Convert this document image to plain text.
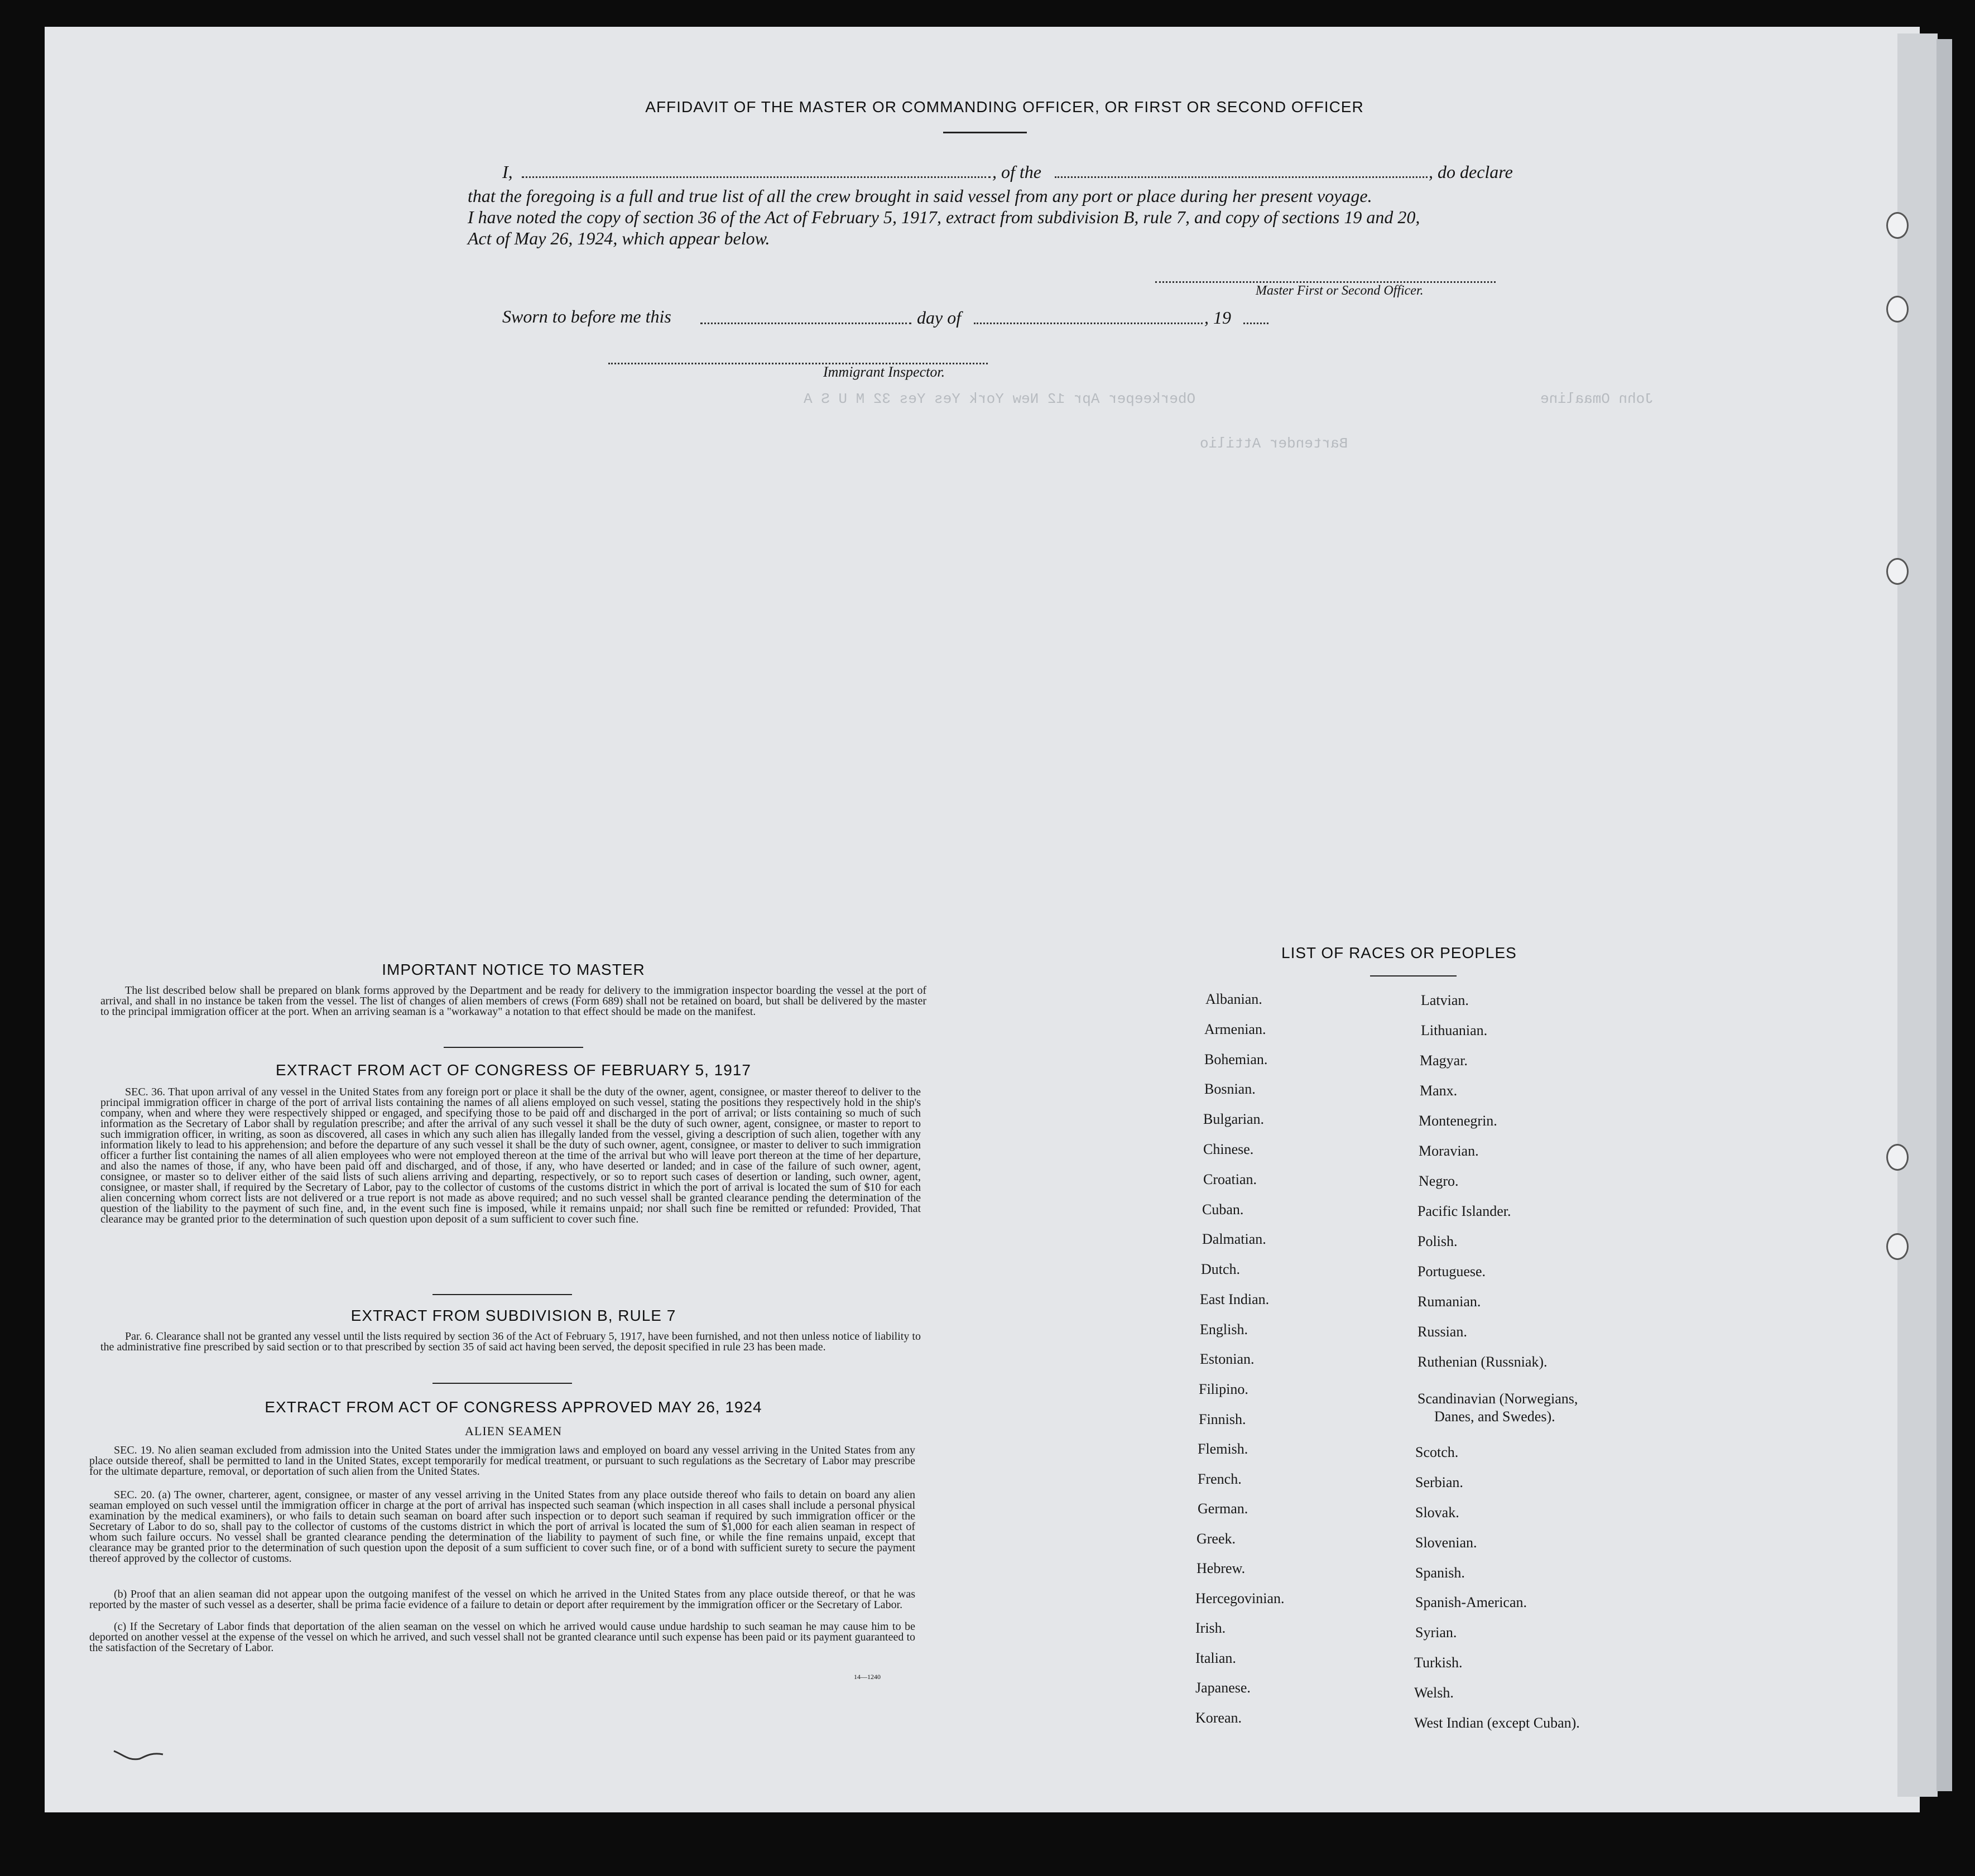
Oberkeeper Apr 12 New York Yes Yes 32 M U S A
Bartender Attilio
John Omaaline
AFFIDAVIT OF THE MASTER OR COMMANDING OFFICER, OR FIRST OR SECOND OFFICER
I,	, of the	, do declare
that the foregoing is a full and true list of all the crew brought in said vessel from any port or place during her present voyage.
I have noted the copy of section 36 of the Act of February 5, 1917, extract from subdivision B, rule 7, and copy of sections 19 and 20,
Act of May 26, 1924, which appear below.
Master First or Second Officer.
Sworn to before me this	day of	, 19
Immigrant Inspector.
IMPORTANT NOTICE TO MASTER
The list described below shall be prepared on blank forms approved by the Department and be ready for delivery to the immigration inspector boarding the vessel at the port of arrival, and shall in no instance be taken from the vessel. The list of changes of alien members of crews (Form 689) shall not be retained on board, but shall be delivered by the master to the principal immigration officer at the port. When an arriving seaman is a "workaway" a notation to that effect should be made on the manifest.
EXTRACT FROM ACT OF CONGRESS OF FEBRUARY 5, 1917
SEC. 36. That upon arrival of any vessel in the United States from any foreign port or place it shall be the duty of the owner, agent, consignee, or master thereof to deliver to the principal immigration officer in charge of the port of arrival lists containing the names of all aliens employed on such vessel, stating the positions they respectively hold in the ship's company, when and where they were respectively shipped or engaged, and specifying those to be paid off and discharged in the port of arrival; or lists containing so much of such information as the Secretary of Labor shall by regulation prescribe; and after the arrival of any such vessel it shall be the duty of such owner, agent, consignee, or master to report to such immigration officer, in writing, as soon as discovered, all cases in which any such alien has illegally landed from the vessel, giving a description of such alien, together with any information likely to lead to his apprehension; and before the departure of any such vessel it shall be the duty of such owner, agent, consignee, or master to deliver to such immigration officer a further list containing the names of all alien employees who were not employed thereon at the time of the arrival but who will leave port thereon at the time of her departure, and also the names of those, if any, who have been paid off and discharged, and of those, if any, who have deserted or landed; and in case of the failure of such owner, agent, consignee, or master so to deliver either of the said lists of such aliens arriving and departing, respectively, or so to report such cases of desertion or landing, such owner, agent, consignee, or master shall, if required by the Secretary of Labor, pay to the collector of customs of the customs district in which the port of arrival is located the sum of $10 for each alien concerning whom correct lists are not delivered or a true report is not made as above required; and no such vessel shall be granted clearance pending the determination of the question of the liability to the payment of such fine, and, in the event such fine is imposed, while it remains unpaid; nor shall such fine be remitted or refunded: Provided, That clearance may be granted prior to the determination of such question upon deposit of a sum sufficient to cover such fine.
EXTRACT FROM SUBDIVISION B, RULE 7
Par. 6. Clearance shall not be granted any vessel until the lists required by section 36 of the Act of February 5, 1917, have been furnished, and not then unless notice of liability to the administrative fine prescribed by said section or to that prescribed by section 35 of said act having been served, the deposit specified in rule 23 has been made.
EXTRACT FROM ACT OF CONGRESS APPROVED MAY 26, 1924
ALIEN SEAMEN
SEC. 19. No alien seaman excluded from admission into the United States under the immigration laws and employed on board any vessel arriving in the United States from any place outside thereof, shall be permitted to land in the United States, except temporarily for medical treatment, or pursuant to such regulations as the Secretary of Labor may prescribe for the ultimate departure, removal, or deportation of such alien from the United States.
SEC. 20. (a) The owner, charterer, agent, consignee, or master of any vessel arriving in the United States from any place outside thereof who fails to detain on board any alien seaman employed on such vessel until the immigration officer in charge at the port of arrival has inspected such seaman (which inspection in all cases shall include a personal physical examination by the medical examiners), or who fails to detain such seaman on board after such inspection or to deport such seaman if required by such immigration officer or the Secretary of Labor to do so, shall pay to the collector of customs of the customs district in which the port of arrival is located the sum of $1,000 for each alien seaman in respect of whom such failure occurs. No vessel shall be granted clearance pending the determination of the liability to payment of such fine, or while the fine remains unpaid, except that clearance may be granted prior to the determination of such question upon the deposit of a sum sufficient to cover such fine, or of a bond with sufficient surety to secure the payment thereof approved by the collector of customs.
(b) Proof that an alien seaman did not appear upon the outgoing manifest of the vessel on which he arrived in the United States from any place outside thereof, or that he was reported by the master of such vessel as a deserter, shall be prima facie evidence of a failure to detain or deport after requirement by the immigration officer or the Secretary of Labor.
(c) If the Secretary of Labor finds that deportation of the alien seaman on the vessel on which he arrived would cause undue hardship to such seaman he may cause him to be deported on another vessel at the expense of the vessel on which he arrived, and such vessel shall not be granted clearance until such expense has been paid or its payment guaranteed to the satisfaction of the Secretary of Labor.
14—1240
LIST OF RACES OR PEOPLES
Albanian.
Armenian.
Bohemian.
Bosnian.
Bulgarian.
Chinese.
Croatian.
Cuban.
Dalmatian.
Dutch.
East Indian.
English.
Estonian.
Filipino.
Finnish.
Flemish.
French.
German.
Greek.
Hebrew.
Hercegovinian.
Irish.
Italian.
Japanese.
Korean.
Latvian.
Lithuanian.
Magyar.
Manx.
Montenegrin.
Moravian.
Negro.
Pacific Islander.
Polish.
Portuguese.
Rumanian.
Russian.
Ruthenian (Russniak).
Scandinavian (Norwegians,
Danes, and Swedes).
Scotch.
Serbian.
Slovak.
Slovenian.
Spanish.
Spanish-American.
Syrian.
Turkish.
Welsh.
West Indian (except Cuban).
